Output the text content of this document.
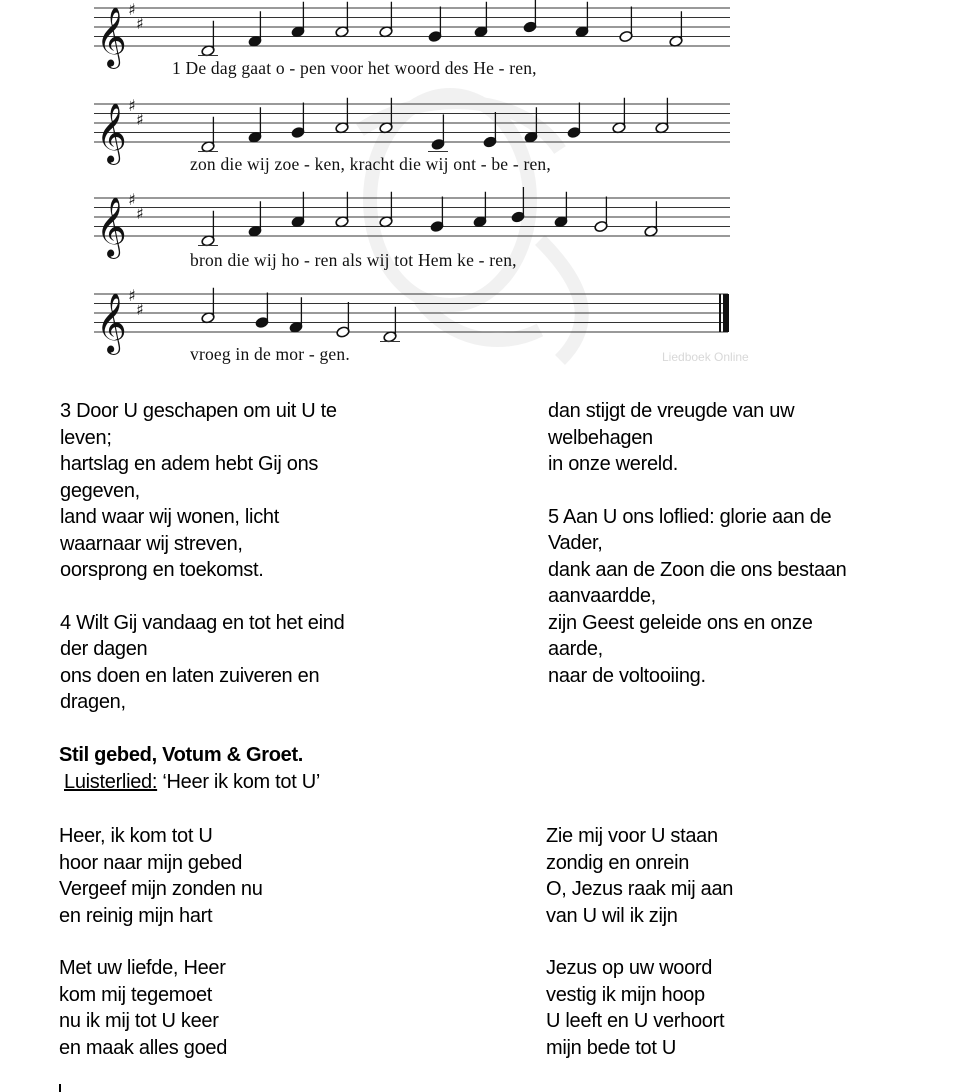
𝄞 ♯
♯
𝄞 ♯
♯
𝄞 ♯
♯
𝄞 ♯
♯
1 De dag gaat o - pen voor het woord des He - ren,
zon die wij zoe - ken, kracht die wij ont - be - ren,
bron die wij ho - ren als wij tot Hem ke - ren,
vroeg in de mor - gen.	Liedboek Online
3 Door U geschapen om uit U te
leven;
hartslag en adem hebt Gij ons
gegeven,
land waar wij wonen, licht
waarnaar wij streven,
oorsprong en toekomst.
4 Wilt Gij vandaag en tot het eind
der dagen
ons doen en laten zuiveren en
dragen,
dan stijgt de vreugde van uw
welbehagen
in onze wereld.
5 Aan U ons loflied: glorie aan de
Vader,
dank aan de Zoon die ons bestaan
aanvaardde,
zijn Geest geleide ons en onze
aarde,
naar de voltooiing.
Stil gebed, Votum & Groet.
Luisterlied: ‘Heer ik kom tot U’
Heer, ik kom tot U
hoor naar mijn gebed
Vergeef mijn zonden nu
en reinig mijn hart
Met uw liefde, Heer
kom mij tegemoet
nu ik mij tot U keer
en maak alles goed
Zie mij voor U staan
zondig en onrein
O, Jezus raak mij aan
van U wil ik zijn
Jezus op uw woord
vestig ik mijn hoop
U leeft en U verhoort
mijn bede tot U
